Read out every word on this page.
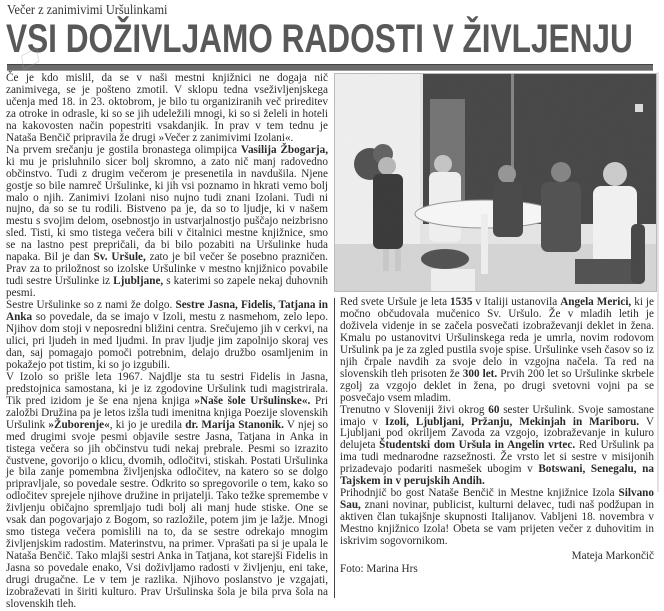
Večer z zanimivimi Uršulinkami
VSI DOŽIVLJAMO RADOSTI V ŽIVLJENJU

Če je kdo mislil, da se v naši mestni knjižnici ne dogaja nič zanimivega, se je pošteno zmotil. V sklopu tedna vseživljenjskega učenja med 18. in 23. oktobrom, je bilo tu organiziranih več prireditev za otroke in odrasle, ki so se jih udeležili mnogi, ki so si želeli in hoteli na kakovosten način popestriti vsakdanjik. In prav v tem tednu je Nataša Benčič pripravila že drugi »Večer z zanimivimi Izolani«.

Na prvem srečanju je gostila bronastega olimpijca Vasilija Žbogarja, ki mu je prisluhnilo sicer bolj skromno, a zato nič manj radovedno občinstvo. Tudi z drugim večerom je presenetila in navdušila. Njene gostje so bile namreč Uršulinke, ki jih vsi poznamo in hkrati vemo bolj malo o njih. Zanimivi Izolani niso nujno tudi znani Izolani. Tudi ni nujno, da so se tu rodili. Bistveno pa je, da so to ljudje, ki v našem mestu s svojim delom, osebnostjo in ustvarjalnostjo puščajo neizbrisno sled. Tisti, ki smo tistega večera bili v čitalnici mestne knjižnice, smo se na lastno pest prepričali, da bi bilo pozabiti na Uršulinke huda napaka. Bil je dan Sv. Uršule, zato je bil večer še posebno prazničen. Prav za to priložnost so izolske Uršulinke v mestno knjižnico povabile tudi sestre Uršulinke iz Ljubljane, s katerimi so zapele nekaj duhovnih pesmi.

Sestre Uršulinke so z nami že dolgo. Sestre Jasna, Fidelis, Tatjana in Anka so povedale, da se imajo v Izoli, mestu z nasmehom, zelo lepo. Njihov dom stoji v neposredni bližini centra. Srečujemo jih v cerkvi, na ulici, pri ljudeh in med ljudmi. In prav ljudje jim zapolnijo skoraj ves dan, saj pomagajo pomoči potrebnim, delajo družbo osamljenim in pokažejo pot tistim, ki so jo izgubili.

V Izolo so prišle leta 1967. Najdlje sta tu sestri Fidelis in Jasna, predstojnica samostana, ki je iz zgodovine Uršulink tudi magistrirala. Tik pred izidom je še ena njena knjiga »Naše šole Uršulinske«. Pri založbi Družina pa je letos izšla tudi imenitna knjiga Poezije slovenskih Uršulink »Žuborenje«, ki jo je uredila dr. Marija Stanonik. V njej so med drugimi svoje pesmi objavile sestre Jasna, Tatjana in Anka in tistega večera so jih občinstvu tudi nekaj prebrale. Pesmi so izrazito čustvene, govorijo o klicu, dvomih, odločitvi, stiskah. Postati Uršulinka je bila zanje pomembna življenjska odločitev, na katero so se dolgo pripravljale, so povedale sestre. Odkrito so spregovorile o tem, kako so odločitev sprejele njihove družine in prijatelji. Tako težke spremembe v življenju običajno spremljajo tudi bolj ali manj hude stiske. One se vsak dan pogovarjajo z Bogom, so razložile, potem jim je lažje. Mnogi smo tistega večera pomislili na to, da se sestre odrekajo mnogim življenjskim radostim. Materinstvu, na primer. Vprašati pa si je upala le Nataša Benčič. Tako mlajši sestri Anka in Tatjana, kot starejši Fidelis in Jasna so povedale enako, Vsi doživljamo radosti v življenju, eni take, drugi drugačne. Le v tem je razlika. Njihovo poslanstvo je vzgajati, izobraževati in širiti kulturo. Prav Uršulinska šola je bila prva šola na slovenskih tleh.

Red svete Uršule je leta 1535 v Italiji ustanovila Angela Merici, ki je močno občudovala mučenico Sv. Uršulo. Že v mladih letih je doživela videnje in se začela posvečati izobraževanji deklet in žena. Kmalu po ustanovitvi Uršulinskega reda je umrla, novim rodovom Uršulink pa je za zgled pustila svoje spise. Uršulinke vseh časov so iz njih črpale navdih za svoje delo in vzgojna načela. Ta red na slovenskih tleh prisoten že 300 let. Prvih 200 let so Uršulinke skrbele zgolj za vzgojo deklet in žena, po drugi svetovni vojni pa se posvečajo vsem mladim.

Trenutno v Sloveniji živi okrog 60 sester Uršulink. Svoje samostane imajo v Izoli, Ljubljani, Pržanju, Mekinjah in Mariboru. V Ljubljani pod okriljem Zavoda za vzgojo, izobraževanje in kuluro delujeta Študentski dom Uršula in Angelin vrtec. Red Uršulink pa ima tudi mednarodne razsežnosti. Že vrsto let si sestre v misijonih prizadevajo podariti nasmešek ubogim v Botswani, Senegalu, na Tajskem in v perujskih Andih.

Prihodnjič bo gost Nataše Benčič in Mestne knjižnice Izola Silvano Sau, znani novinar, publicist, kulturni delavec, tudi naš podžupan in aktiven član tukajšnje skupnosti Italijanov. Vabljeni 18. novembra v Mestno knjižnico Izola! Obeta se vam prijeten večer z duhovitim in iskrivim sogovornikom.

Mateja Markončič

Foto: Marina Hrs
